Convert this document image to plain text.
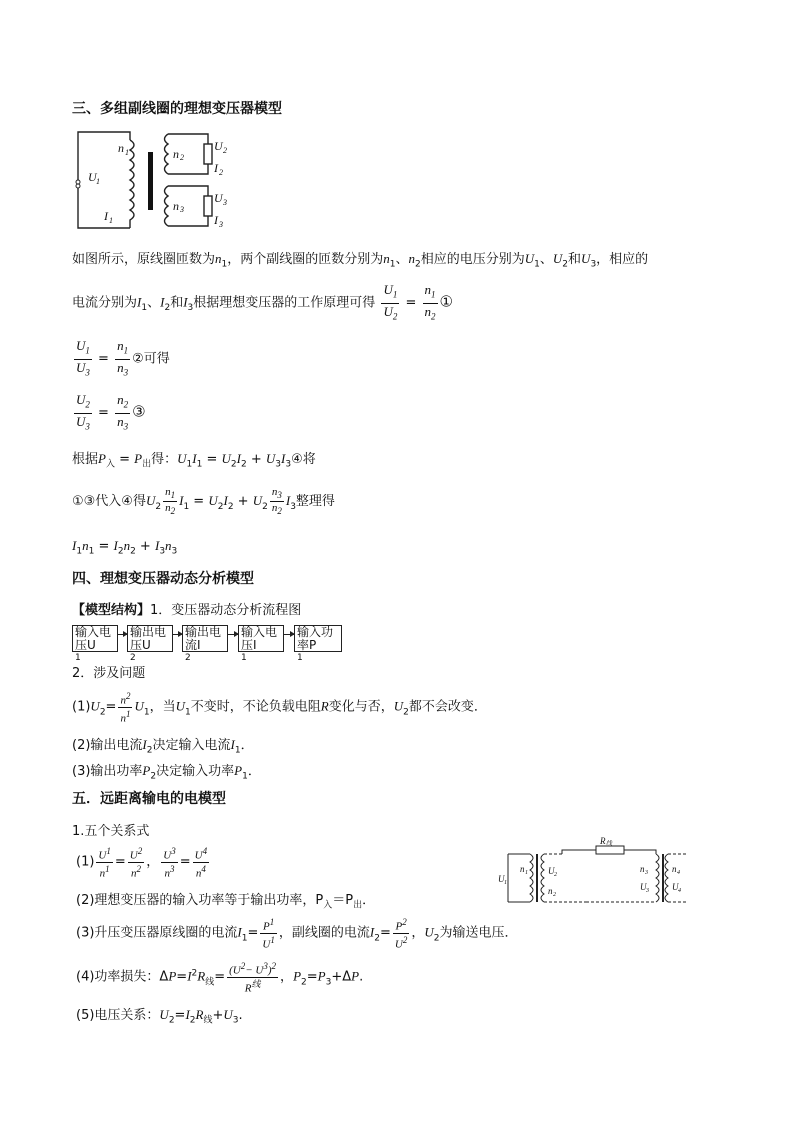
三、多组副线圈的理想变压器模型
n 1
U 1
I 1
n 2
U 2
I 2
n 3
U 3
I 3
如图所示，原线圈匝数为$n_1$，两个副线圈的匝数分别为$n_1$、$n_2$相应的电压分别为$U_1$、$U_2$和$U_3$，相应的
电流分别为$I_1$、$I_2$和$I_3$根据理想变压器的工作原理可得 $\frac{U_1}{U_2} = \frac{n_1}{n_2}$ ①
$\frac{U_1}{U_3} = \frac{n_1}{n_3}$ ②可得
$\frac{U_2}{U_3} = \frac{n_2}{n_3}$ ③
根据$P_入 = P_出$得：$U_1I_1 = U_2I_2$ + $U_3I_3④$将
①③代入④得$U_2 \frac{n_1}{n_2} I_1 = U_2I_2 + U_2 \frac{n_3}{n_2} I_3$整理得
$I_1n_1 = I_2n_2 + I_3n_3$
四、理想变压器动态分析模型
【模型结构】1．变压器动态分析流程图
输入电
压U
$^1$
输出电
压U
$^2$
输出电
流I
$^2$
输入电
压I
$^1$
输入功
率P
$^1$
2．涉及问题
$(1)U_2= \frac{n^2}{n^1} U_1$，当$U_1$不变时，不论负载电阻R变化与否，$U_2$都不会改变．
(2)输出电流$I_2$决定输入电流$I_1$．
(3)输出功率$P_2$决定输入功率$P_1$．
五．远距离输电的电模型
1.五个关系式
$(1) \frac{U^1}{n^1} = \frac{U^2}{n^2}$ ， $\frac{U^3}{n^3} = \frac{U^4}{n^4}$
(2)理想变压器的输入功率等于输出功率，$P_入=P_出$．
(3)升压变压器原线圈的电流$I_1= \frac{P^1}{U^1}$ ，副线圈的电流$I_2= \frac{P^2}{U^2}$ ，$U_2$为输送电压．
(4)功率损失：$\Delta P=I^2R_线= \frac{(U^2- U^3)^2}{R^线}$ ，$P_2=P_3+\Delta P$.
(5)电压关系：$U_2=I_2R_线+U_3$.
R 线
U 1
n 1 U 2
n 2
n 3
U 3
n 4
U 4
